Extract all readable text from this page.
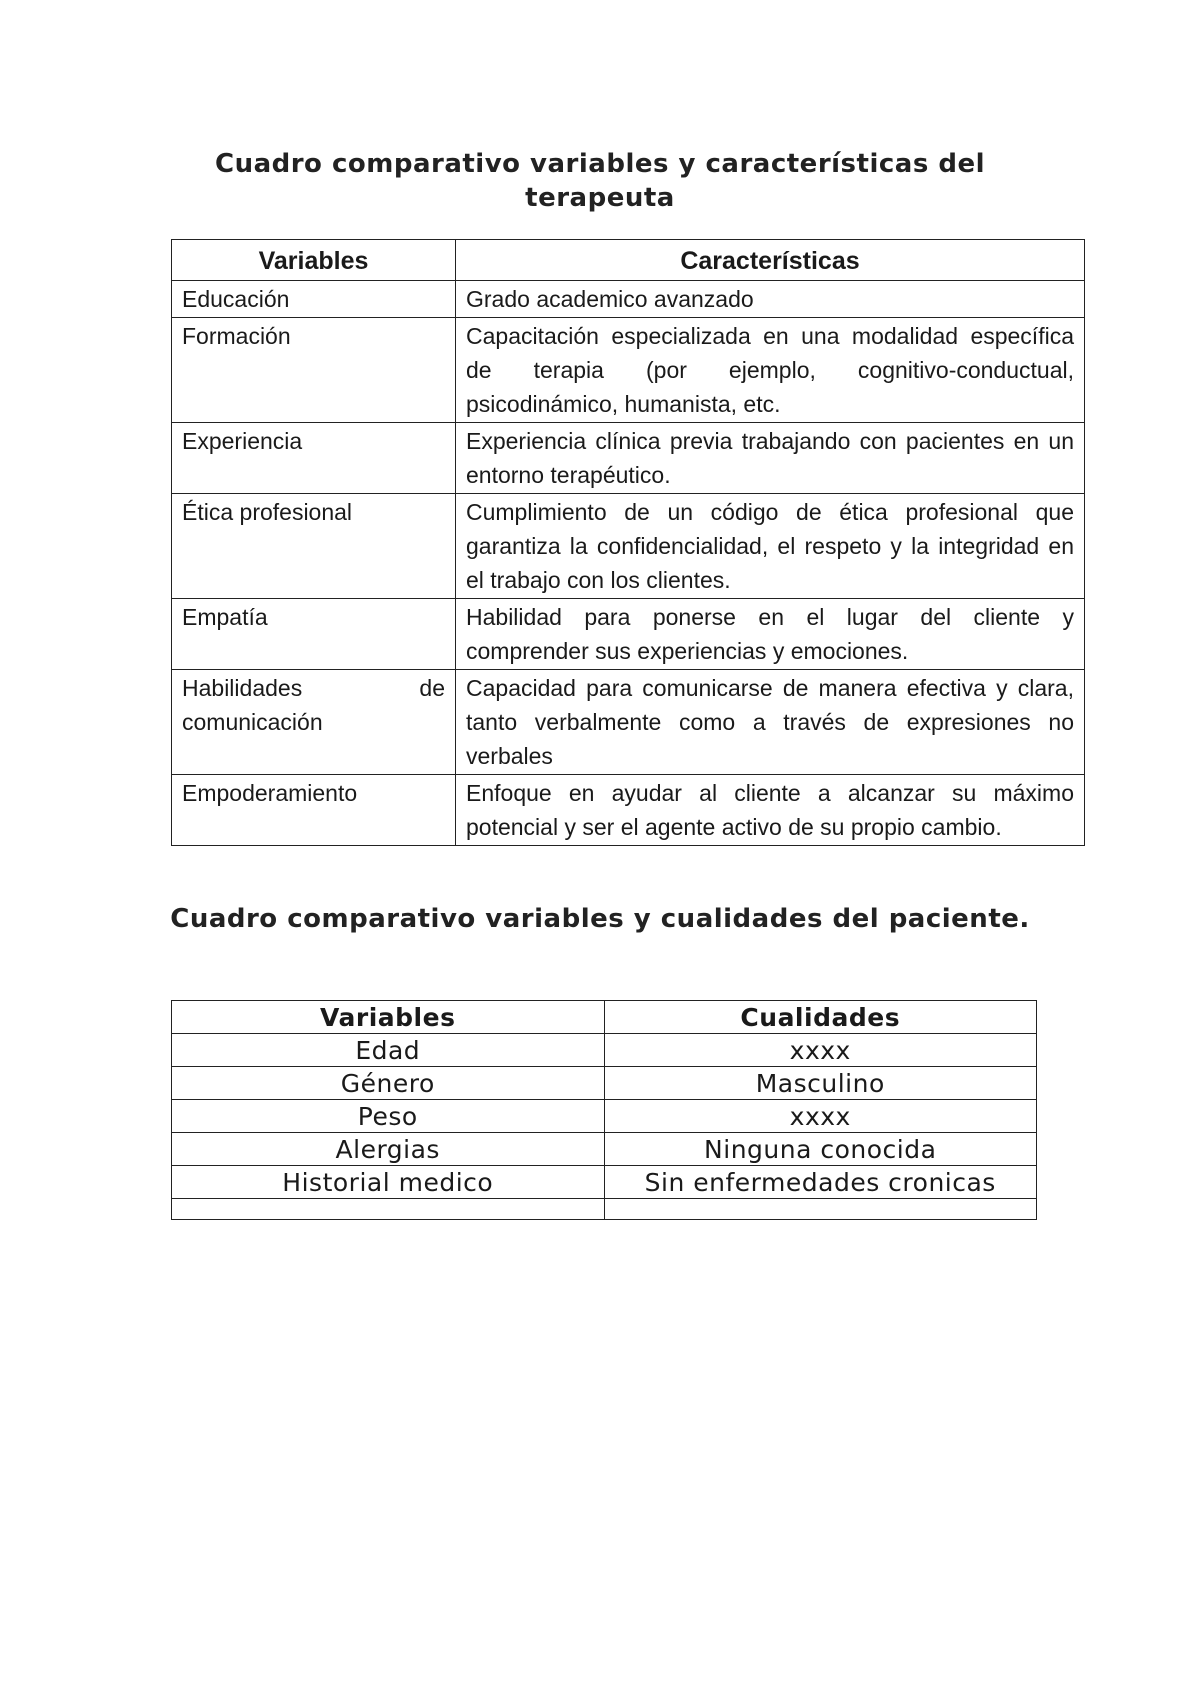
Cuadro comparativo variables y características del terapeuta
Variables	Características
Educación	Grado academico avanzado
Formación	Capacitación especializada en una modalidad específica de terapia (por ejemplo, cognitivo-conductual, psicodinámico, humanista, etc.
Experiencia	Experiencia clínica previa trabajando con pacientes en un entorno terapéutico.
Ética profesional	Cumplimiento de un código de ética profesional que garantiza la confidencialidad, el respeto y la integridad en el trabajo con los clientes.
Empatía	Habilidad para ponerse en el lugar del cliente y comprender sus experiencias y emociones.
Habilidades de comunicación	Capacidad para comunicarse de manera efectiva y clara, tanto verbalmente como a través de expresiones no verbales
Empoderamiento	Enfoque en ayudar al cliente a alcanzar su máximo potencial y ser el agente activo de su propio cambio.
Cuadro comparativo variables y cualidades del paciente.
Variables	Cualidades
Edad	xxxx
Género	Masculino
Peso	xxxx
Alergias	Ninguna conocida
Historial medico	Sin enfermedades cronicas
